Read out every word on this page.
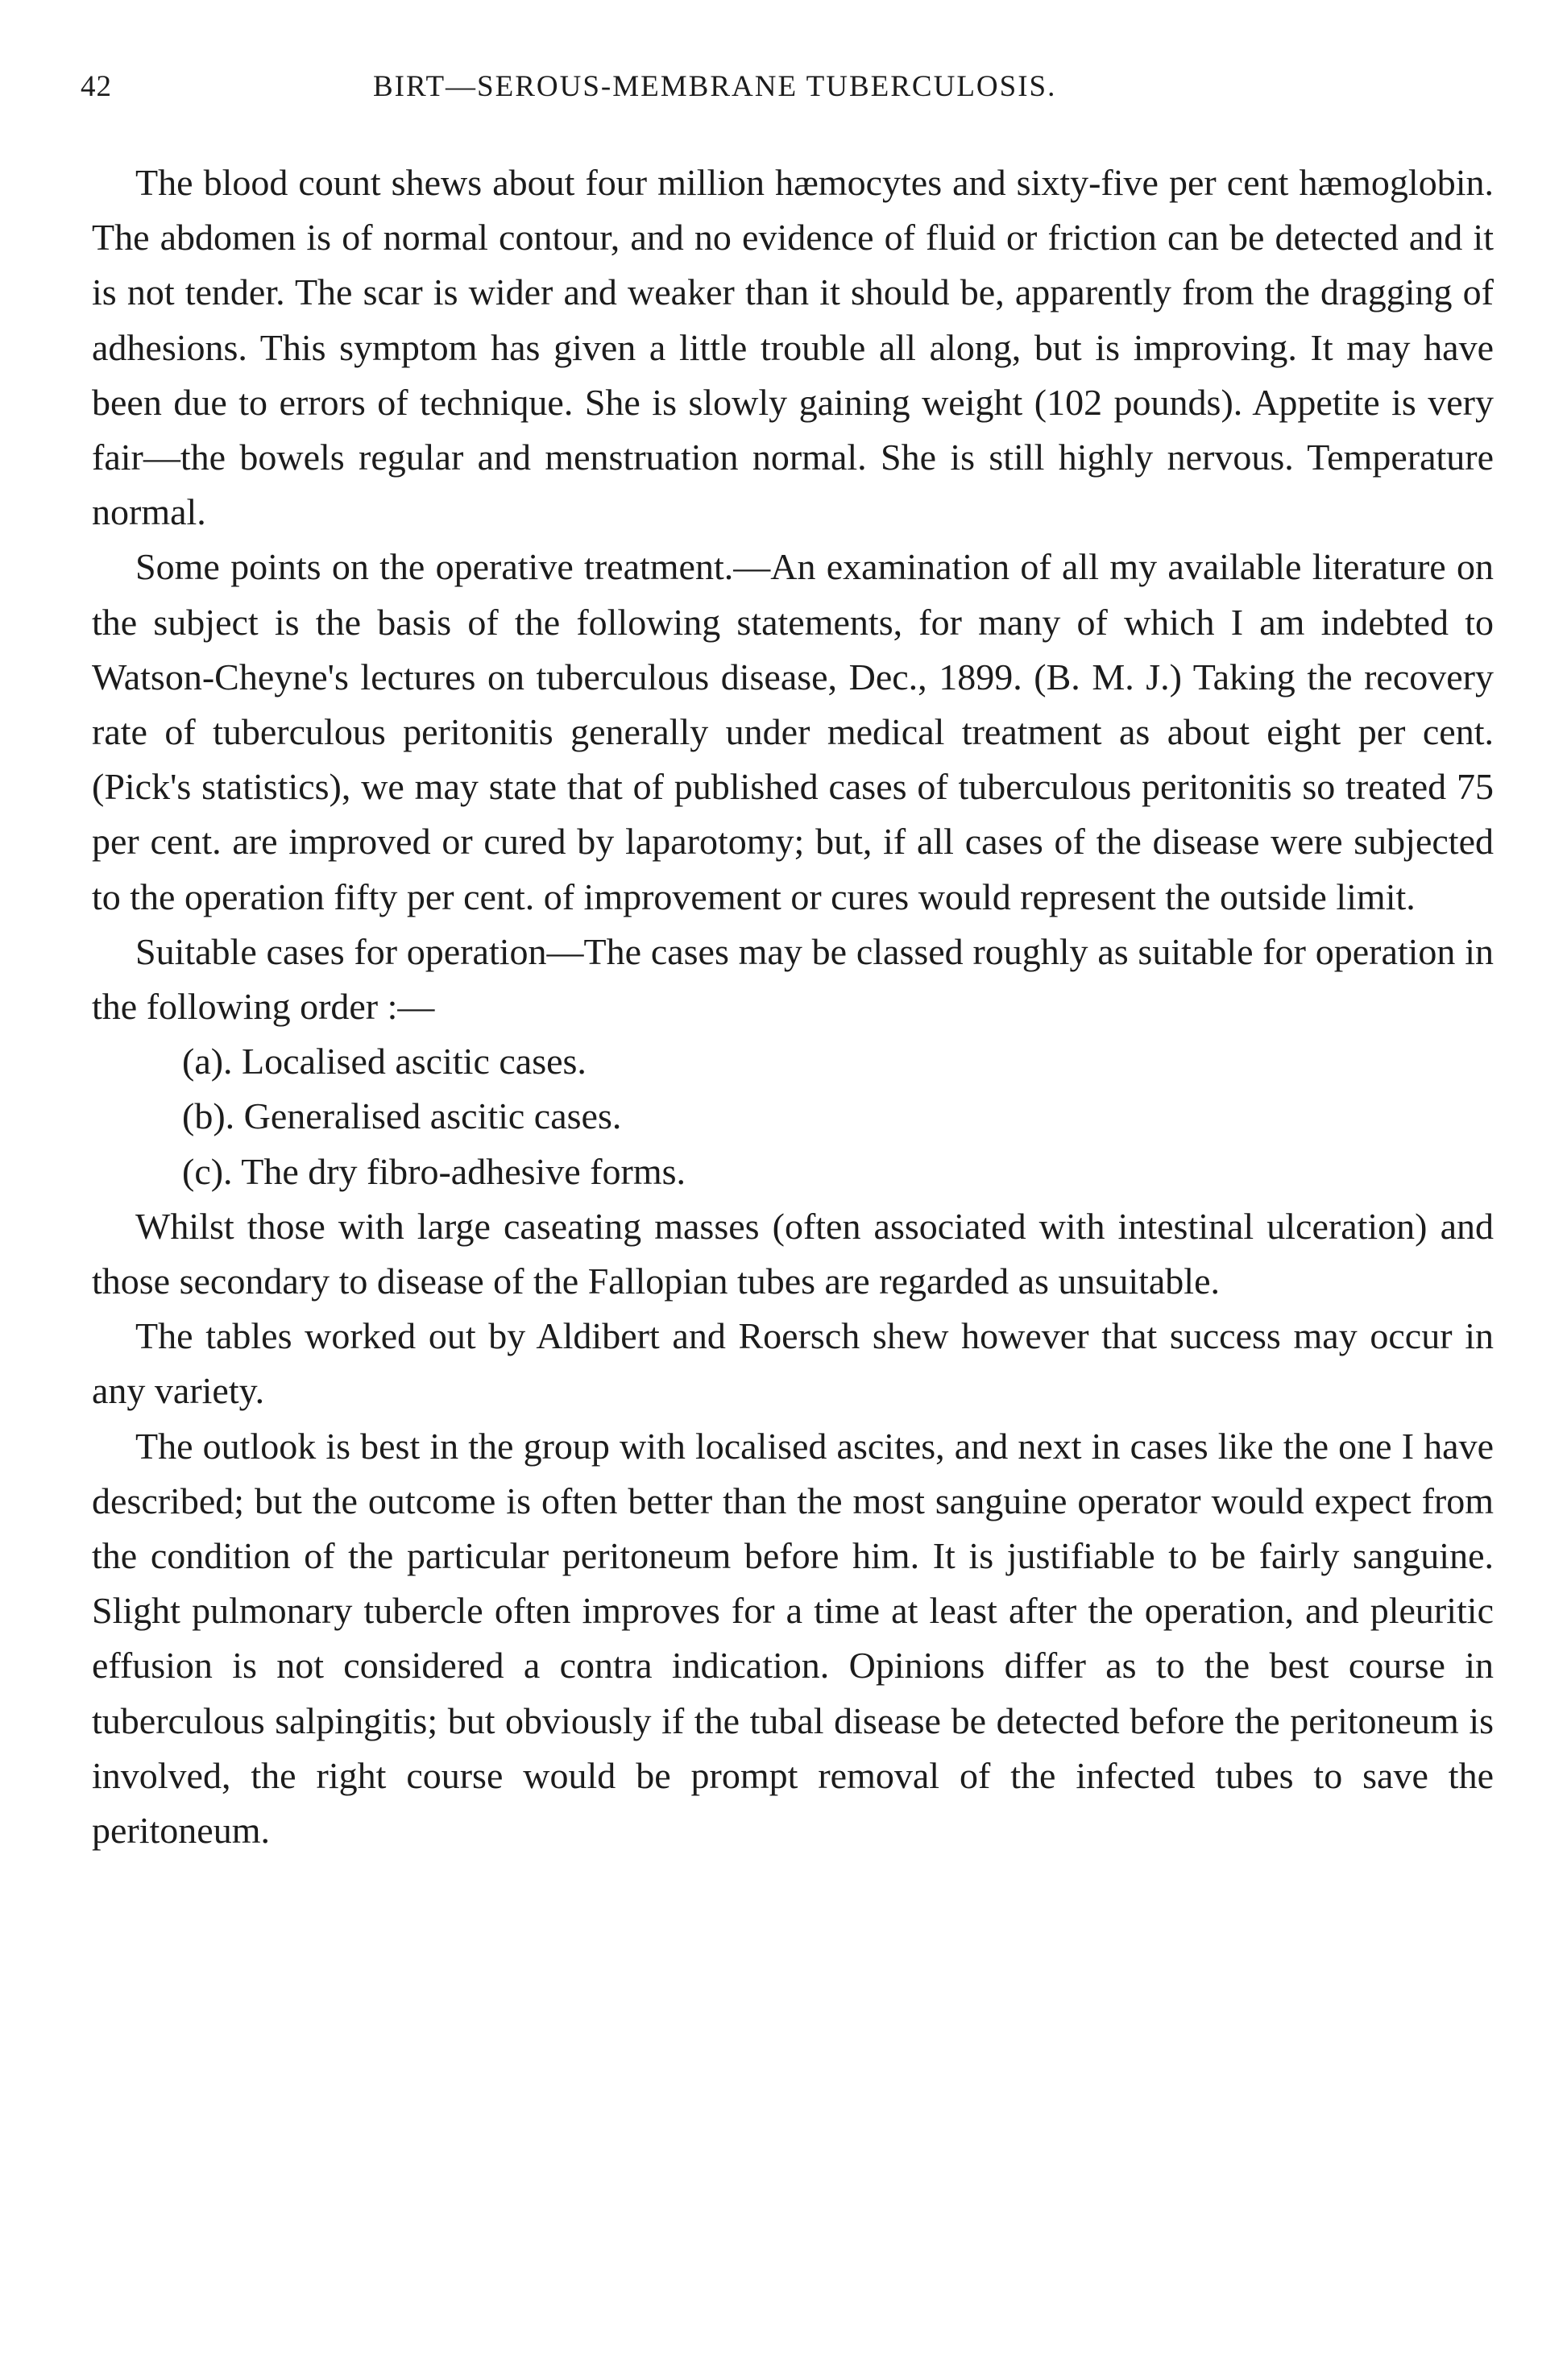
42	BIRT—SEROUS-MEMBRANE TUBERCULOSIS.

The blood count shews about four million hæmocytes and sixty-five per cent hæmoglobin. The abdomen is of normal contour, and no evidence of fluid or friction can be detected and it is not tender. The scar is wider and weaker than it should be, apparently from the dragging of adhesions. This symptom has given a little trouble all along, but is improving. It may have been due to errors of technique. She is slowly gaining weight (102 pounds). Appetite is very fair—the bowels regular and menstruation normal. She is still highly nervous. Temperature normal.

Some points on the operative treatment.—An examination of all my available literature on the subject is the basis of the following statements, for many of which I am indebted to Watson-Cheyne's lectures on tuberculous disease, Dec., 1899. (B. M. J.) Taking the recovery rate of tuberculous peritonitis generally under medical treatment as about eight per cent. (Pick's statistics), we may state that of published cases of tuberculous peritonitis so treated 75 per cent. are improved or cured by laparotomy; but, if all cases of the disease were subjected to the operation fifty per cent. of improvement or cures would represent the outside limit.

Suitable cases for operation—The cases may be classed roughly as suitable for operation in the following order :—

(a). Localised ascitic cases.
(b). Generalised ascitic cases.
(c). The dry fibro-adhesive forms.

Whilst those with large caseating masses (often associated with intestinal ulceration) and those secondary to disease of the Fallopian tubes are regarded as unsuitable.

The tables worked out by Aldibert and Roersch shew however that success may occur in any variety.

The outlook is best in the group with localised ascites, and next in cases like the one I have described; but the outcome is often better than the most sanguine operator would expect from the condition of the particular peritoneum before him. It is justifiable to be fairly sanguine. Slight pulmonary tubercle often improves for a time at least after the operation, and pleuritic effusion is not considered a contra indication. Opinions differ as to the best course in tuberculous salpingitis; but obviously if the tubal disease be detected before the peritoneum is involved, the right course would be prompt removal of the infected tubes to save the peritoneum.
